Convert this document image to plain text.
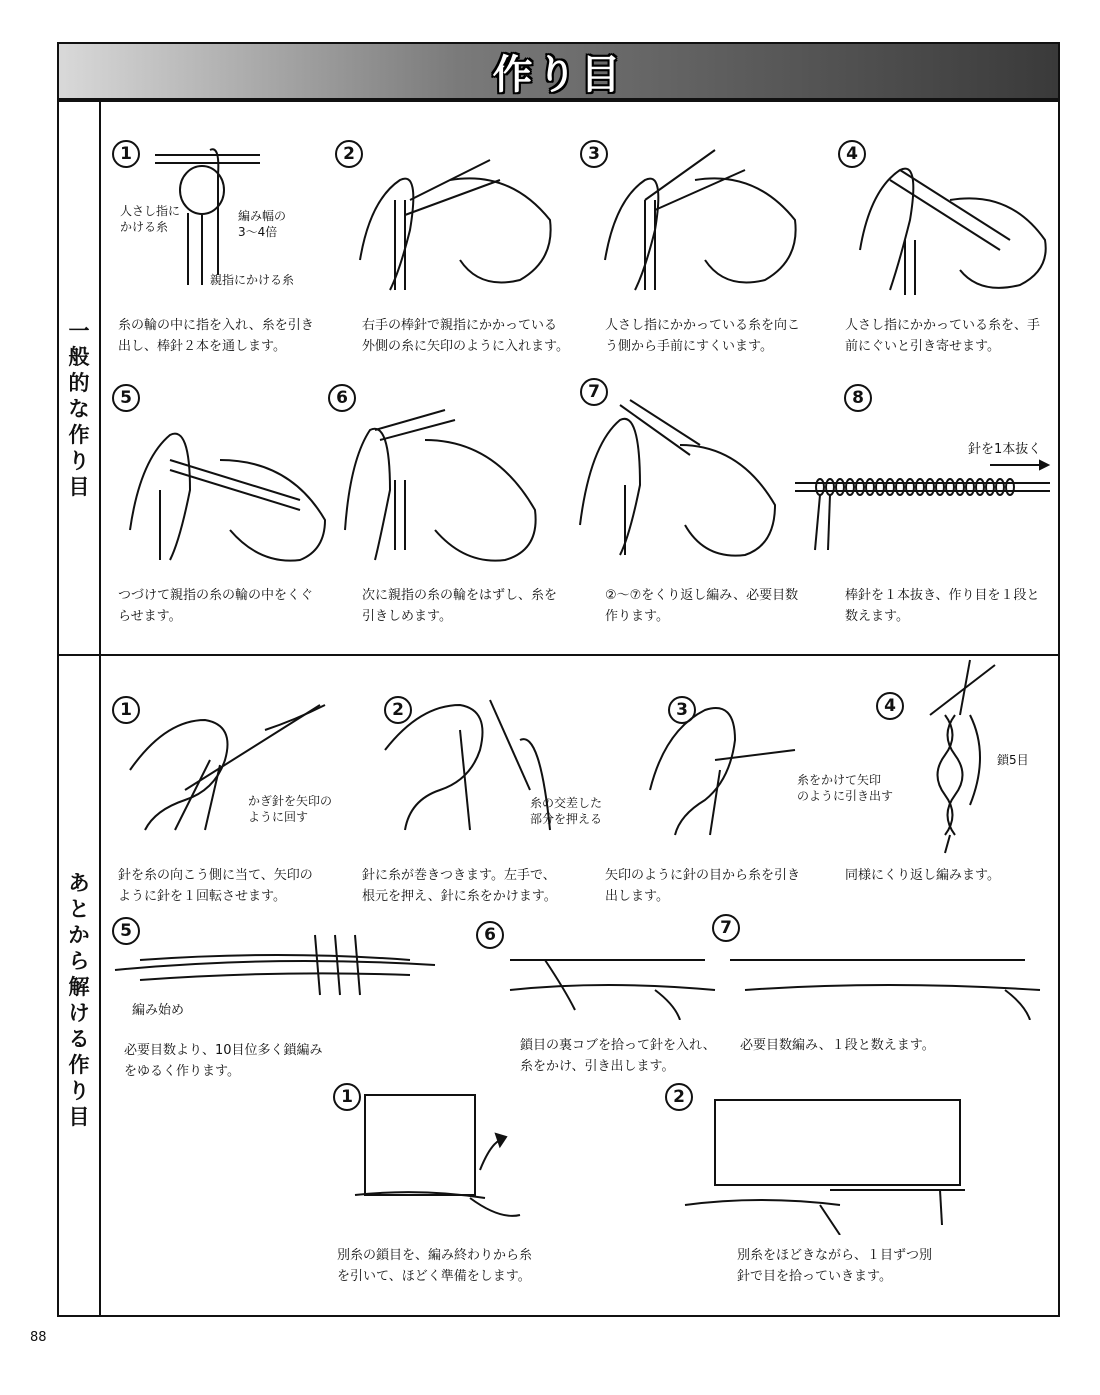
作り目
一
般
的
な
作
り
目
あ
と
か
ら
解
け
る
作
り
目
1
人さし指に
かける糸
編み幅の
3～4倍
親指にかける糸
糸の輪の中に指を入れ、糸を引き
出し、棒針２本を通します。
2
右手の棒針で親指にかかっている
外側の糸に矢印のように入れます。
3
人さし指にかかっている糸を向こ
う側から手前にすくいます。
4
人さし指にかかっている糸を、手
前にぐいと引き寄せます。
5
つづけて親指の糸の輪の中をくぐ
らせます。
6
次に親指の糸の輪をはずし、糸を
引きしめます。
7
②～⑦をくり返し編み、必要目数
作ります。
8
針を1本抜く
棒針を１本抜き、作り目を１段と
数えます。
1
かぎ針を矢印の
ように回す
針を糸の向こう側に当て、矢印の
ように針を１回転させます。
2
糸の交差した
部分を押える
針に糸が巻きつきます。左手で、
根元を押え、針に糸をかけます。
3
糸をかけて矢印
のように引き出す
矢印のように針の目から糸を引き
出します。
4
鎖5目
同様にくり返し編みます。
5
編み始め
必要目数より、10目位多く鎖編み
をゆるく作ります。
6
鎖目の裏コブを拾って針を入れ、
糸をかけ、引き出します。
7
必要目数編み、１段と数えます。
1
別糸の鎖目を、編み終わりから糸
を引いて、ほどく準備をします。
2
別糸をほどきながら、１目ずつ別
針で目を拾っていきます。
88
